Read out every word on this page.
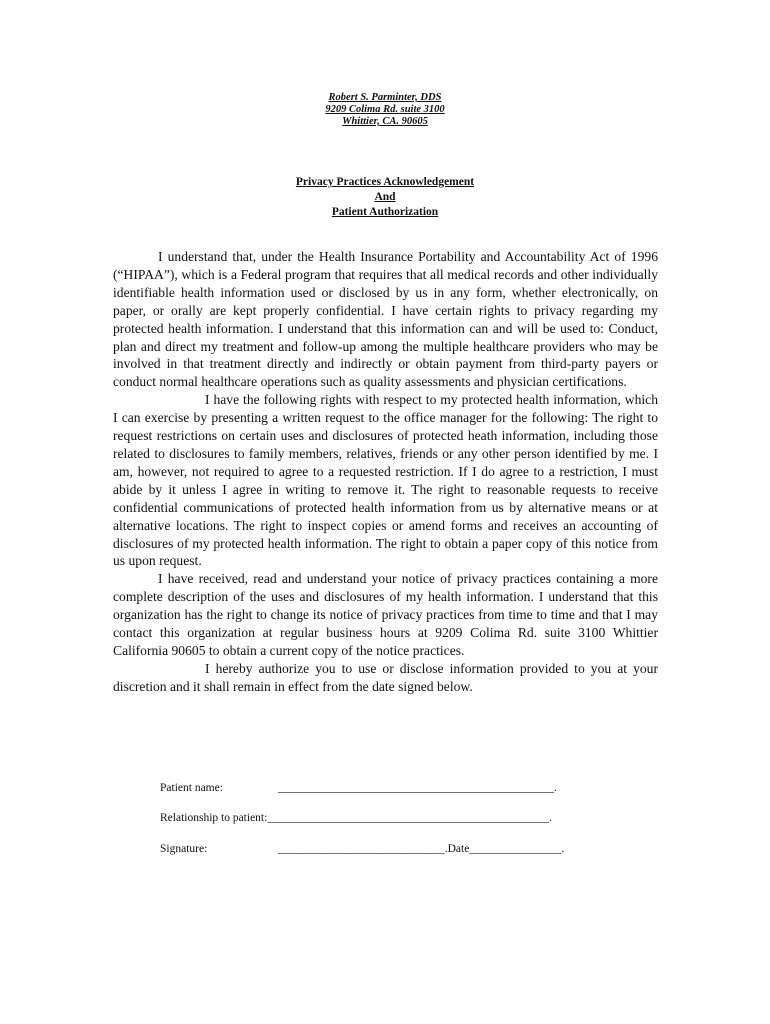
Robert S. Parminter, DDS
9209 Colima Rd. suite 3100
Whittier, CA. 90605
Privacy Practices Acknowledgement
And
Patient Authorization

I understand that, under the Health Insurance Portability and Accountability Act of 1996 (“HIPAA”), which is a Federal program that requires that all medical records and other individually identifiable health information used or disclosed by us in any form, whether electronically, on paper, or orally are kept properly confidential. I have certain rights to privacy regarding my protected health information. I understand that this information can and will be used to: Conduct, plan and direct my treatment and follow-up among the multiple healthcare providers who may be involved in that treatment directly and indirectly or obtain payment from third-party payers or conduct normal healthcare operations such as quality assessments and physician certifications.

I have the following rights with respect to my protected health information, which I can exercise by presenting a written request to the office manager for the following: The right to request restrictions on certain uses and disclosures of protected heath information, including those related to disclosures to family members, relatives, friends or any other person identified by me. I am, however, not required to agree to a requested restriction. If I do agree to a restriction, I must abide by it unless I agree in writing to remove it. The right to reasonable requests to receive confidential communications of protected health information from us by alternative means or at alternative locations. The right to inspect copies or amend forms and receives an accounting of disclosures of my protected health information. The right to obtain a paper copy of this notice from us upon request.

I have received, read and understand your notice of privacy practices containing a more complete description of the uses and disclosures of my health information. I understand that this organization has the right to change its notice of privacy practices from time to time and that I may contact this organization at regular business hours at 9209 Colima Rd. suite 3100 Whittier California 90605 to obtain a current copy of the notice practices.

I hereby authorize you to use or disclose information provided to you at your discretion and it shall remain in effect from the date signed below.

Patient name:	________________________________________________.
Relationship to patient:_________________________________________________.
Signature:	_____________________________.Date________________.
